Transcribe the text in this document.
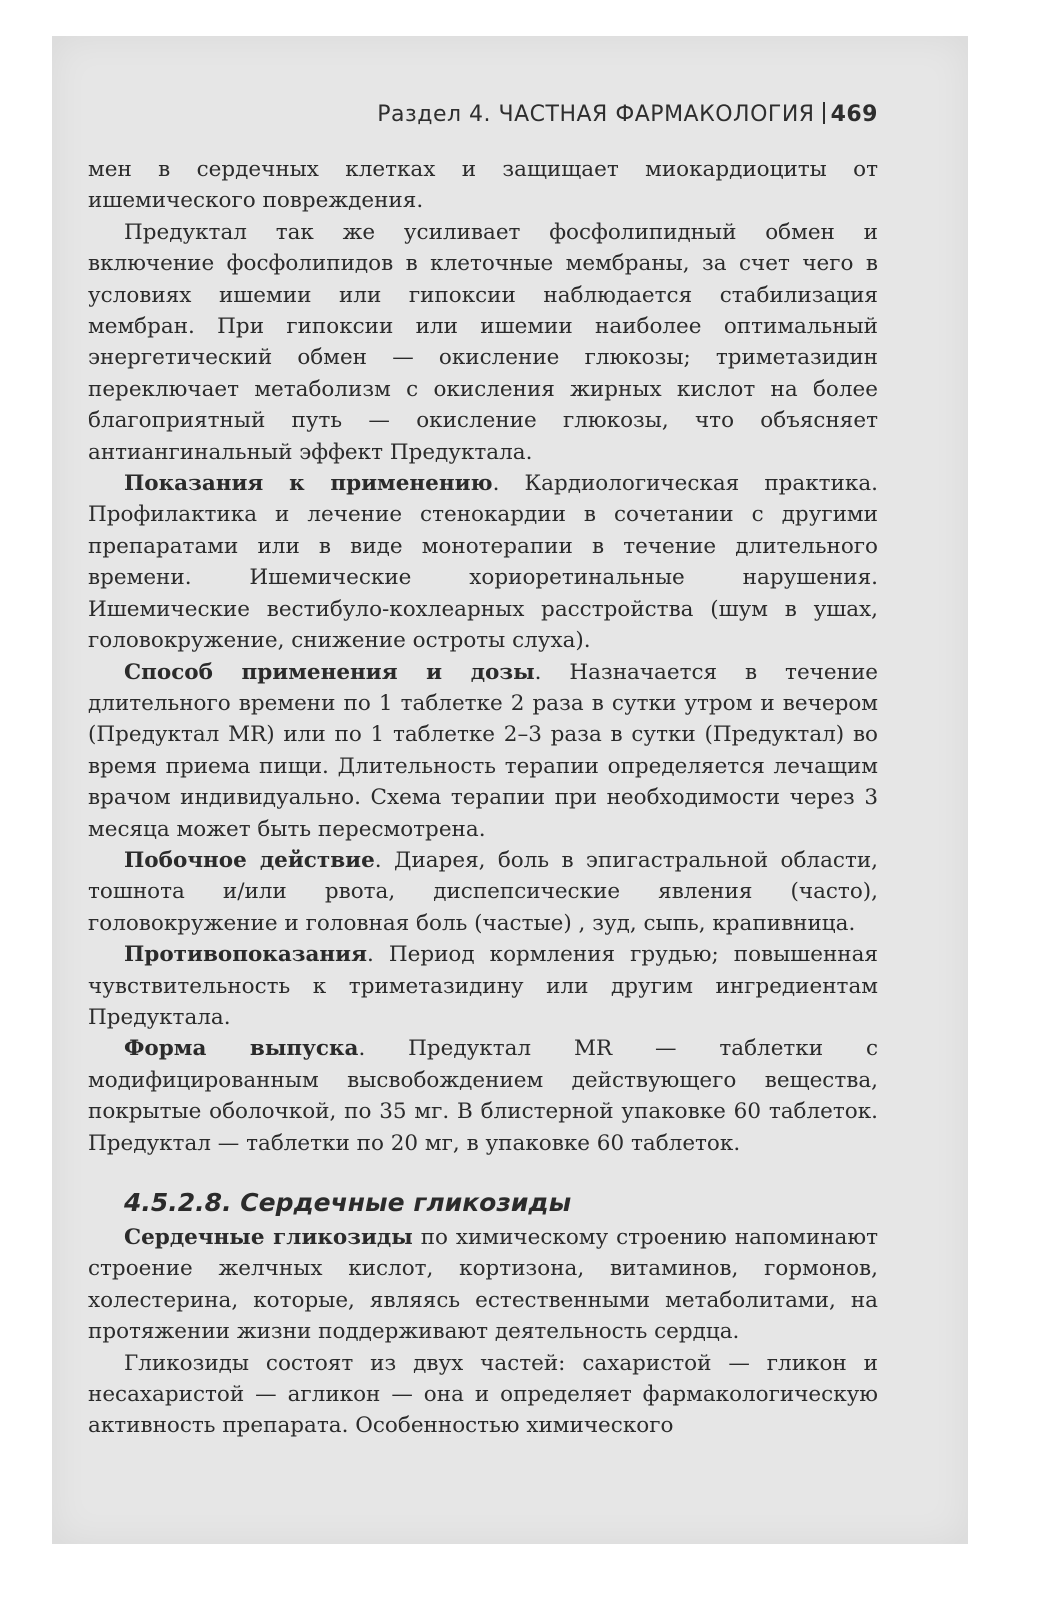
Раздел 4. ЧАСТНАЯ ФАРМАКОЛОГИЯ 469

мен в сердечных клетках и защищает миокардиоциты от ишемического повреждения.

Предуктал так же усиливает фосфолипидный обмен и включение фосфолипидов в клеточные мембраны, за счет чего в условиях ишемии или гипоксии наблюдается стабилизация мембран. При гипоксии или ишемии наиболее оптимальный энергетический обмен — окисление глюкозы; триметазидин переключает метаболизм с окисления жирных кислот на более благоприятный путь — окисление глюкозы, что объясняет антиангинальный эффект Предуктала.

Показания к применению. Кардиологическая практика. Профилактика и лечение стенокардии в сочетании с другими препаратами или в виде монотерапии в течение длительного времени. Ишемические хориоретинальные нарушения. Ишемические вестибуло-кохлеарных расстройства (шум в ушах, головокружение, снижение остроты слуха).

Способ применения и дозы. Назначается в течение длительного времени по 1 таблетке 2 раза в сутки утром и вечером (Предуктал MR) или по 1 таблетке 2–3 раза в сутки (Предуктал) во время приема пищи. Длительность терапии определяется лечащим врачом индивидуально. Схема терапии при необходимости через 3 месяца может быть пересмотрена.

Побочное действие. Диарея, боль в эпигастральной области, тошнота и/или рвота, диспепсические явления (часто), головокружение и головная боль (частые) , зуд, сыпь, крапивница.

Противопоказания. Период кормления грудью; повышенная чувствительность к триметазидину или другим ингредиентам Предуктала.

Форма выпуска. Предуктал MR — таблетки с модифицированным высвобождением действующего вещества, покрытые оболочкой, по 35 мг. В блистерной упаковке 60 таблеток. Предуктал — таблетки по 20 мг, в упаковке 60 таблеток.

4.5.2.8. Сердечные гликозиды

Сердечные гликозиды по химическому строению напоминают строение желчных кислот, кортизона, витаминов, гормонов, холестерина, которые, являясь естественными метаболитами, на протяжении жизни поддерживают деятельность сердца.

Гликозиды состоят из двух частей: сахаристой — гликон и несахаристой — агликон — она и определяет фармакологическую активность препарата. Особенностью химического
